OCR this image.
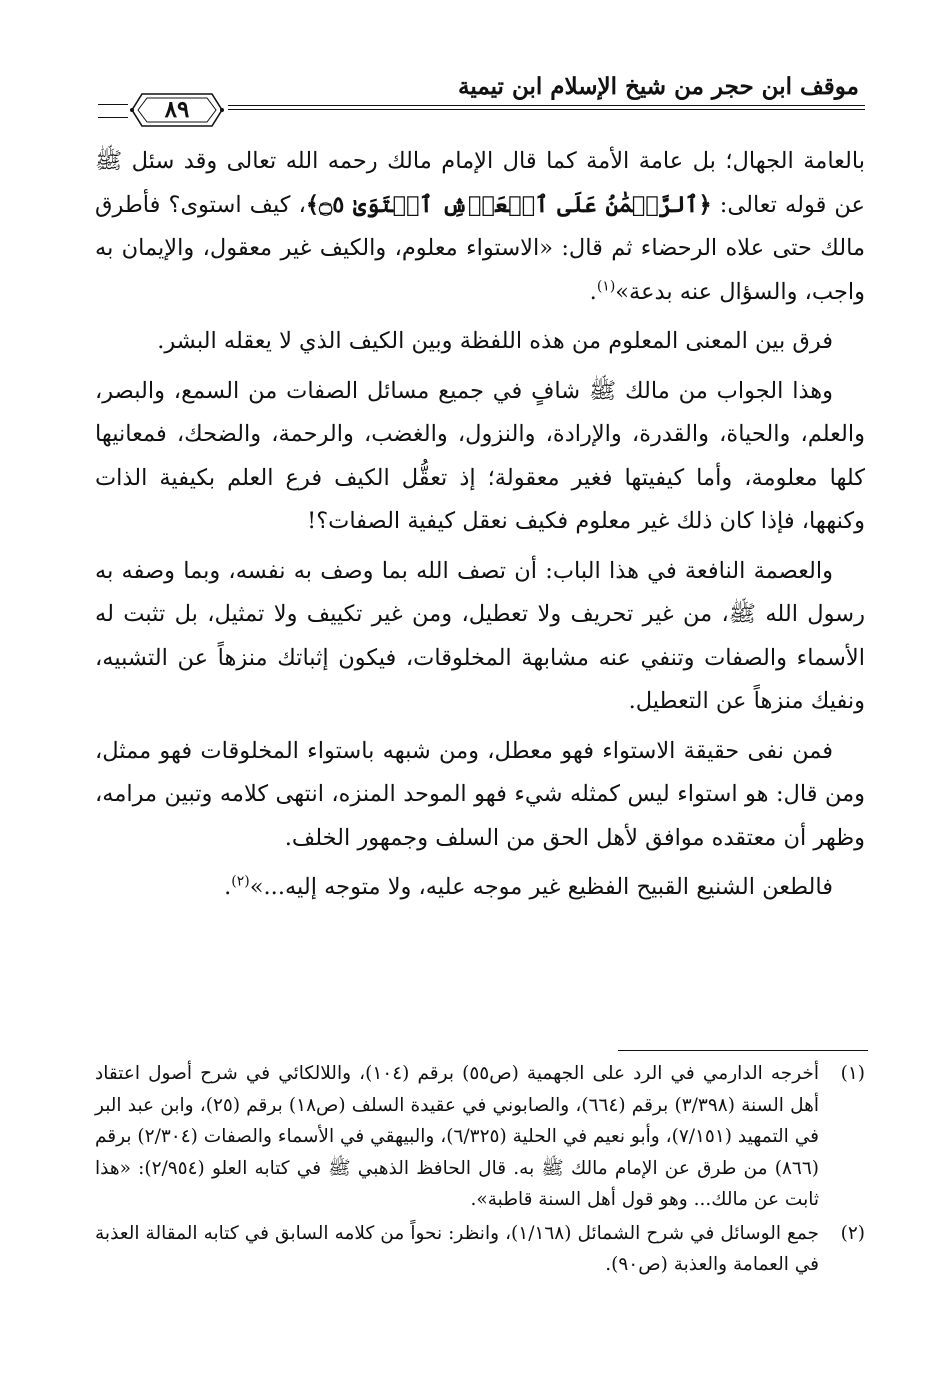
موقف ابن حجر من شيخ الإسلام ابن تيمية
٨٩

بالعامة الجهال؛ بل عامة الأمة كما قال الإمام مالك رحمه الله تعالى وقد سئل ﷺ عن قوله تعالى: ﴿ٱلرَّحۡمَٰنُ عَلَى ٱلۡعَرۡشِ ٱسۡتَوَىٰ ۝٥﴾، كيف استوى؟ فأطرق مالك حتى علاه الرحضاء ثم قال: «الاستواء معلوم، والكيف غير معقول، والإيمان به واجب، والسؤال عنه بدعة»$^{(١)}$.

فرق بين المعنى المعلوم من هذه اللفظة وبين الكيف الذي لا يعقله البشر.

وهذا الجواب من مالك ﷺ شافٍ في جميع مسائل الصفات من السمع، والبصر، والعلم، والحياة، والقدرة، والإرادة، والنزول، والغضب، والرحمة، والضحك، فمعانيها كلها معلومة، وأما كيفيتها فغير معقولة؛ إذ تعقُّل الكيف فرع العلم بكيفية الذات وكنهها، فإذا كان ذلك غير معلوم فكيف نعقل كيفية الصفات؟!

والعصمة النافعة في هذا الباب: أن تصف الله بما وصف به نفسه، وبما وصفه به رسول الله ﷺ، من غير تحريف ولا تعطيل، ومن غير تكييف ولا تمثيل، بل تثبت له الأسماء والصفات وتنفي عنه مشابهة المخلوقات، فيكون إثباتك منزهاً عن التشبيه، ونفيك منزهاً عن التعطيل.

فمن نفى حقيقة الاستواء فهو معطل، ومن شبهه باستواء المخلوقات فهو ممثل، ومن قال: هو استواء ليس كمثله شيء فهو الموحد المنزه، انتهى كلامه وتبين مرامه، وظهر أن معتقده موافق لأهل الحق من السلف وجمهور الخلف.

فالطعن الشنيع القبيح الفظيع غير موجه عليه، ولا متوجه إليه...»$^{(٢)}$.

(١)
أخرجه الدارمي في الرد على الجهمية (ص٥٥) برقم (١٠٤)، واللالكائي في شرح أصول اعتقاد أهل السنة (٣/٣٩٨) برقم (٦٦٤)، والصابوني في عقيدة السلف (ص١٨) برقم (٢٥)، وابن عبد البر في التمهيد (٧/١٥١)، وأبو نعيم في الحلية (٦/٣٢٥)، والبيهقي في الأسماء والصفات (٢/٣٠٤) برقم (٨٦٦) من طرق عن الإمام مالك ﷺ به. قال الحافظ الذهبي ﷺ في كتابه العلو (٢/٩٥٤): «هذا ثابت عن مالك... وهو قول أهل السنة قاطبة».
(٢)
جمع الوسائل في شرح الشمائل (١/١٦٨)، وانظر: نحواً من كلامه السابق في كتابه المقالة العذبة في العمامة والعذبة (ص٩٠).
